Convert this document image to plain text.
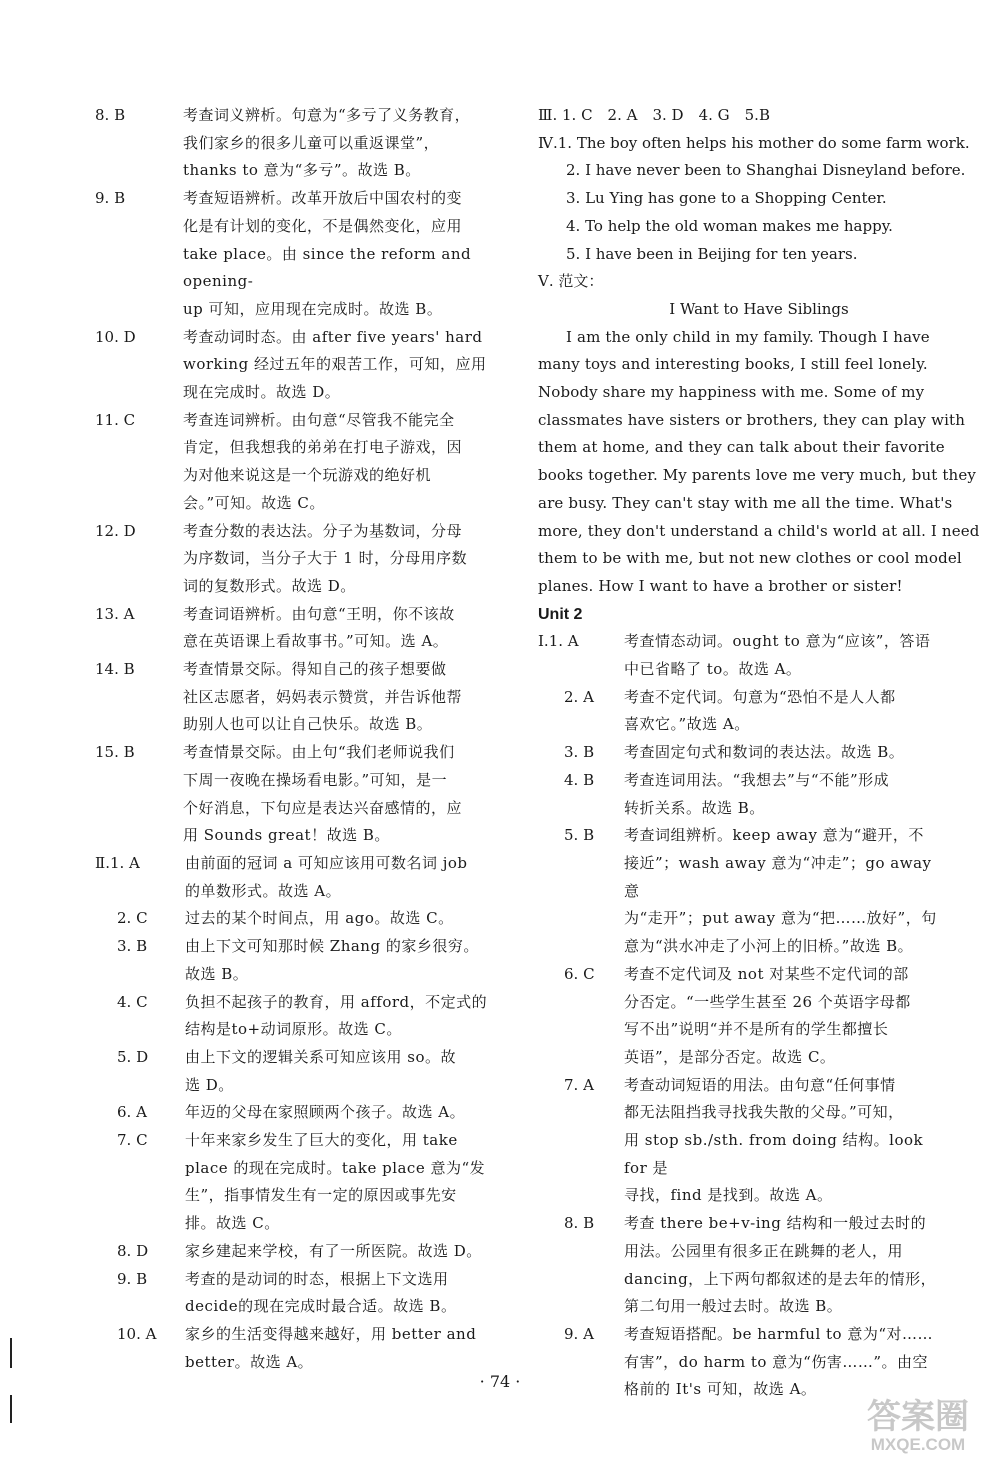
8. B	考查词义辨析。句意为“多亏了义务教育，
我们家乡的很多儿童可以重返课堂”，
thanks to 意为“多亏”。故选 B。
9. B	考查短语辨析。改革开放后中国农村的变
化是有计划的变化，不是偶然变化，应用
take place。由 since the reform and opening-
up 可知，应用现在完成时。故选 B。
10. D	考查动词时态。由 after five years' hard
working 经过五年的艰苦工作，可知，应用
现在完成时。故选 D。
11. C	考查连词辨析。由句意“尽管我不能完全
肯定，但我想我的弟弟在打电子游戏，因
为对他来说这是一个玩游戏的绝好机
会。”可知。故选 C。
12. D	考查分数的表达法。分子为基数词，分母
为序数词，当分子大于 1 时，分母用序数
词的复数形式。故选 D。
13. A	考查词语辨析。由句意“王明，你不该故
意在英语课上看故事书。”可知。选 A。
14. B	考查情景交际。得知自己的孩子想要做
社区志愿者，妈妈表示赞赏，并告诉他帮
助别人也可以让自己快乐。故选 B。
15. B	考查情景交际。由上句“我们老师说我们
下周一夜晚在操场看电影。”可知，是一
个好消息，下句应是表达兴奋感情的，应
用 Sounds great！故选 B。
Ⅱ.1. A	由前面的冠词 a 可知应该用可数名词 job
的单数形式。故选 A。
2. C	过去的某个时间点，用 ago。故选 C。
3. B	由上下文可知那时候 Zhang 的家乡很穷。
故选 B。
4. C	负担不起孩子的教育，用 afford，不定式的
结构是to+动词原形。故选 C。
5. D	由上下文的逻辑关系可知应该用 so。故
选 D。
6. A	年迈的父母在家照顾两个孩子。故选 A。
7. C	十年来家乡发生了巨大的变化，用 take
place 的现在完成时。take place 意为“发
生”，指事情发生有一定的原因或事先安
排。故选 C。
8. D	家乡建起来学校，有了一所医院。故选 D。
9. B	考查的是动词的时态，根据上下文选用
decide的现在完成时最合适。故选 B。
10. A	家乡的生活变得越来越好，用 better and
better。故选 A。
Ⅲ. 1. C　2. A　3. D　4. G　5.B
Ⅳ.1. The boy often helps his mother do some farm work.
2. I have never been to Shanghai Disneyland before.
3. Lu Ying has gone to a Shopping Center.
4. To help the old woman makes me happy.
5. I have been in Beijing for ten years.
Ⅴ. 范文：
I Want to Have Siblings
I am the only child in my family. Though I have
many toys and interesting books, I still feel lonely.
Nobody share my happiness with me. Some of my
classmates have sisters or brothers, they can play with
them at home, and they can talk about their favorite
books together. My parents love me very much, but they
are busy. They can't stay with me all the time. What's
more, they don't understand a child's world at all. I need
them to be with me, but not new clothes or cool model
planes. How I want to have a brother or sister!
Unit 2
Ⅰ.1. A	考查情态动词。ought to 意为“应该”，答语
中已省略了 to。故选 A。
2. A	考查不定代词。句意为“恐怕不是人人都
喜欢它。”故选 A。
3. B	考查固定句式和数词的表达法。故选 B。
4. B	考查连词用法。“我想去”与“不能”形成
转折关系。故选 B。
5. B	考查词组辨析。keep away 意为“避开，不
接近”；wash away 意为“冲走”；go away 意
为“走开”；put away 意为“把……放好”，句
意为“洪水冲走了小河上的旧桥。”故选 B。
6. C	考查不定代词及 not 对某些不定代词的部
分否定。“一些学生甚至 26 个英语字母都
写不出”说明“并不是所有的学生都擅长
英语”，是部分否定。故选 C。
7. A	考查动词短语的用法。由句意“任何事情
都无法阻挡我寻找我失散的父母。”可知，
用 stop sb./sth. from doing 结构。look for 是
寻找，find 是找到。故选 A。
8. B	考查 there be+v-ing 结构和一般过去时的
用法。公园里有很多正在跳舞的老人，用
dancing，上下两句都叙述的是去年的情形，
第二句用一般过去时。故选 B。
9. A	考查短语搭配。be harmful to 意为“对……
有害”，do harm to 意为“伤害……”。由空
格前的 It's 可知，故选 A。
· 74 ·
答案圈
MXQE.COM
